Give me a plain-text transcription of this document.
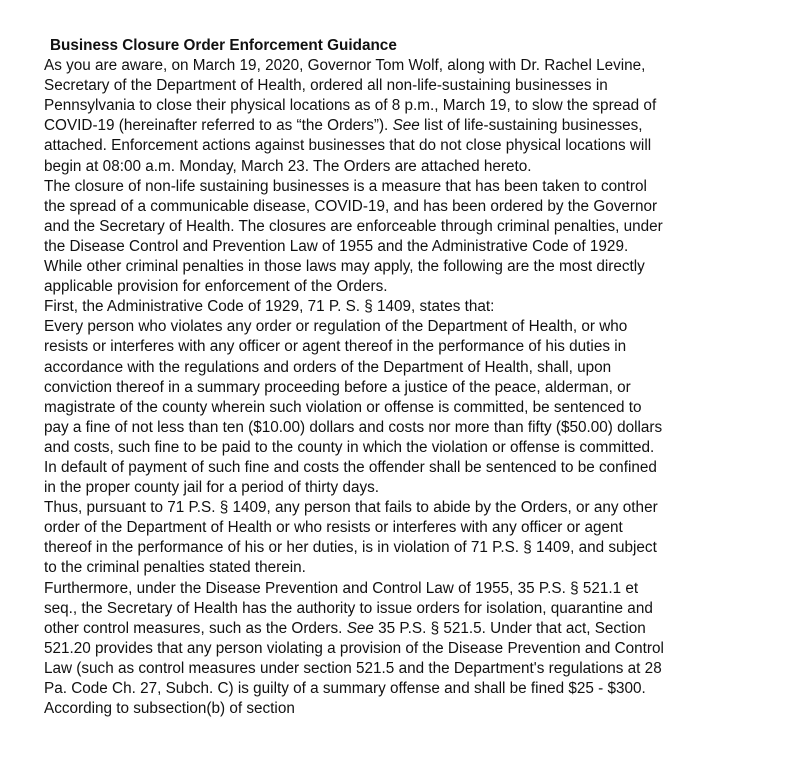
Business Closure Order Enforcement Guidance

As you are aware, on March 19, 2020, Governor Tom Wolf, along with Dr. Rachel Levine,
Secretary of the Department of Health, ordered all non-life-sustaining businesses in
Pennsylvania to close their physical locations as of 8 p.m., March 19, to slow the spread of
COVID-19 (hereinafter referred to as “the Orders”). See list of life-sustaining businesses,
attached. Enforcement actions against businesses that do not close physical locations will
begin at 08:00 a.m. Monday, March 23. The Orders are attached hereto.

The closure of non-life sustaining businesses is a measure that has been taken to control
the spread of a communicable disease, COVID-19, and has been ordered by the Governor
and the Secretary of Health. The closures are enforceable through criminal penalties, under
the Disease Control and Prevention Law of 1955 and the Administrative Code of 1929.
While other criminal penalties in those laws may apply, the following are the most directly
applicable provision for enforcement of the Orders.

First, the Administrative Code of 1929, 71 P. S. § 1409, states that:

Every person who violates any order or regulation of the Department of Health, or who
resists or interferes with any officer or agent thereof in the performance of his duties in
accordance with the regulations and orders of the Department of Health, shall, upon
conviction thereof in a summary proceeding before a justice of the peace, alderman, or
magistrate of the county wherein such violation or offense is committed, be sentenced to
pay a fine of not less than ten ($10.00) dollars and costs nor more than fifty ($50.00) dollars
and costs, such fine to be paid to the county in which the violation or offense is committed.
In default of payment of such fine and costs the offender shall be sentenced to be confined
in the proper county jail for a period of thirty days.

Thus, pursuant to 71 P.S. § 1409, any person that fails to abide by the Orders, or any other
order of the Department of Health or who resists or interferes with any officer or agent
thereof in the performance of his or her duties, is in violation of 71 P.S. § 1409, and subject
to the criminal penalties stated therein.

Furthermore, under the Disease Prevention and Control Law of 1955, 35 P.S. § 521.1 et
seq., the Secretary of Health has the authority to issue orders for isolation, quarantine and
other control measures, such as the Orders. See 35 P.S. § 521.5. Under that act, Section
521.20 provides that any person violating a provision of the Disease Prevention and Control
Law (such as control measures under section 521.5 and the Department's regulations at 28
Pa. Code Ch. 27, Subch. C) is guilty of a summary offense and shall be fined $25 - $300.
According to subsection(b) of section
